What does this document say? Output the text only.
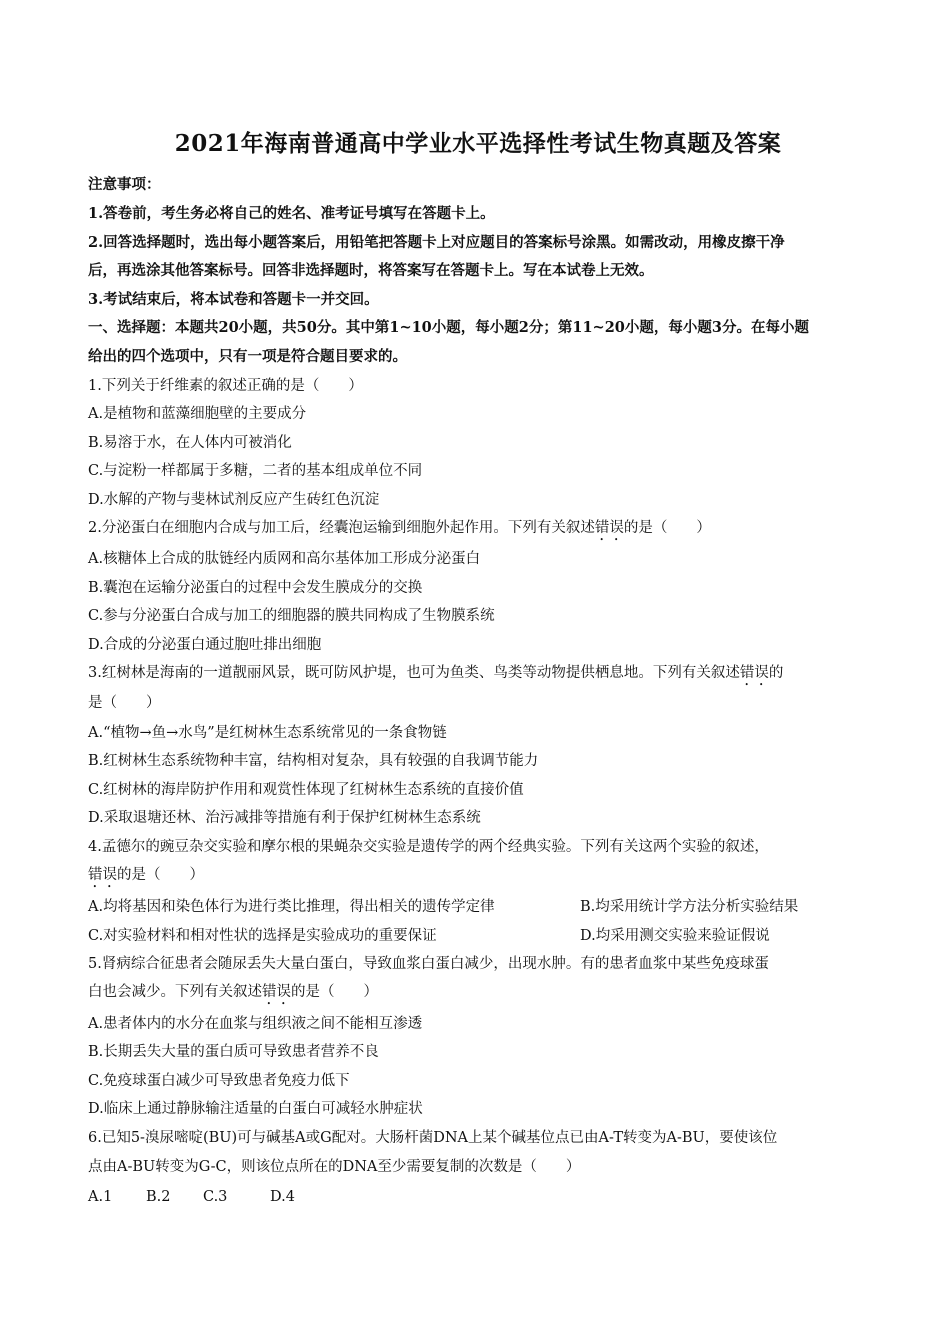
2021年海南普通高中学业水平选择性考试生物真题及答案
注意事项：
1.答卷前，考生务必将自己的姓名、准考证号填写在答题卡上。
2.回答选择题时，选出每小题答案后，用铅笔把答题卡上对应题目的答案标号涂黑。如需改动，用橡皮擦干净
后，再选涂其他答案标号。回答非选择题时，将答案写在答题卡上。写在本试卷上无效。
3.考试结束后，将本试卷和答题卡一并交回。
一、选择题：本题共20小题，共50分。其中第1~10小题，每小题2分；第11~20小题，每小题3分。在每小题
给出的四个选项中，只有一项是符合题目要求的。
1.下列关于纤维素的叙述正确的是（　　）
A.是植物和蓝藻细胞壁的主要成分
B.易溶于水，在人体内可被消化
C.与淀粉一样都属于多糖，二者的基本组成单位不同
D.水解的产物与斐林试剂反应产生砖红色沉淀
2.分泌蛋白在细胞内合成与加工后，经囊泡运输到细胞外起作用。下列有关叙述错误的是（　　）
A.核糖体上合成的肽链经内质网和高尔基体加工形成分泌蛋白
B.囊泡在运输分泌蛋白的过程中会发生膜成分的交换
C.参与分泌蛋白合成与加工的细胞器的膜共同构成了生物膜系统
D.合成的分泌蛋白通过胞吐排出细胞
3.红树林是海南的一道靓丽风景，既可防风护堤，也可为鱼类、鸟类等动物提供栖息地。下列有关叙述错误的
是（　　）
A.“植物→鱼→水鸟”是红树林生态系统常见的一条食物链
B.红树林生态系统物种丰富，结构相对复杂，具有较强的自我调节能力
C.红树林的海岸防护作用和观赏性体现了红树林生态系统的直接价值
D.采取退塘还林、治污减排等措施有利于保护红树林生态系统
4.孟德尔的豌豆杂交实验和摩尔根的果蝇杂交实验是遗传学的两个经典实验。下列有关这两个实验的叙述，
错误的是（　　）
A.均将基因和染色体行为进行类比推理，得出相关的遗传学定律	B.均采用统计学方法分析实验结果
C.对实验材料和相对性状的选择是实验成功的重要保证	D.均采用测交实验来验证假说
5.肾病综合征患者会随尿丢失大量白蛋白，导致血浆白蛋白减少，出现水肿。有的患者血浆中某些免疫球蛋
白也会减少。下列有关叙述错误的是（　　）
A.患者体内的水分在血浆与组织液之间不能相互渗透
B.长期丢失大量的蛋白质可导致患者营养不良
C.免疫球蛋白减少可导致患者免疫力低下
D.临床上通过静脉输注适量的白蛋白可减轻水肿症状
6.已知5-溴尿嘧啶(BU)可与碱基A或G配对。大肠杆菌DNA上某个碱基位点已由A-T转变为A-BU，要使该位
点由A-BU转变为G-C，则该位点所在的DNA至少需要复制的次数是（　　）
A.1 B.2 C.3	D.4
